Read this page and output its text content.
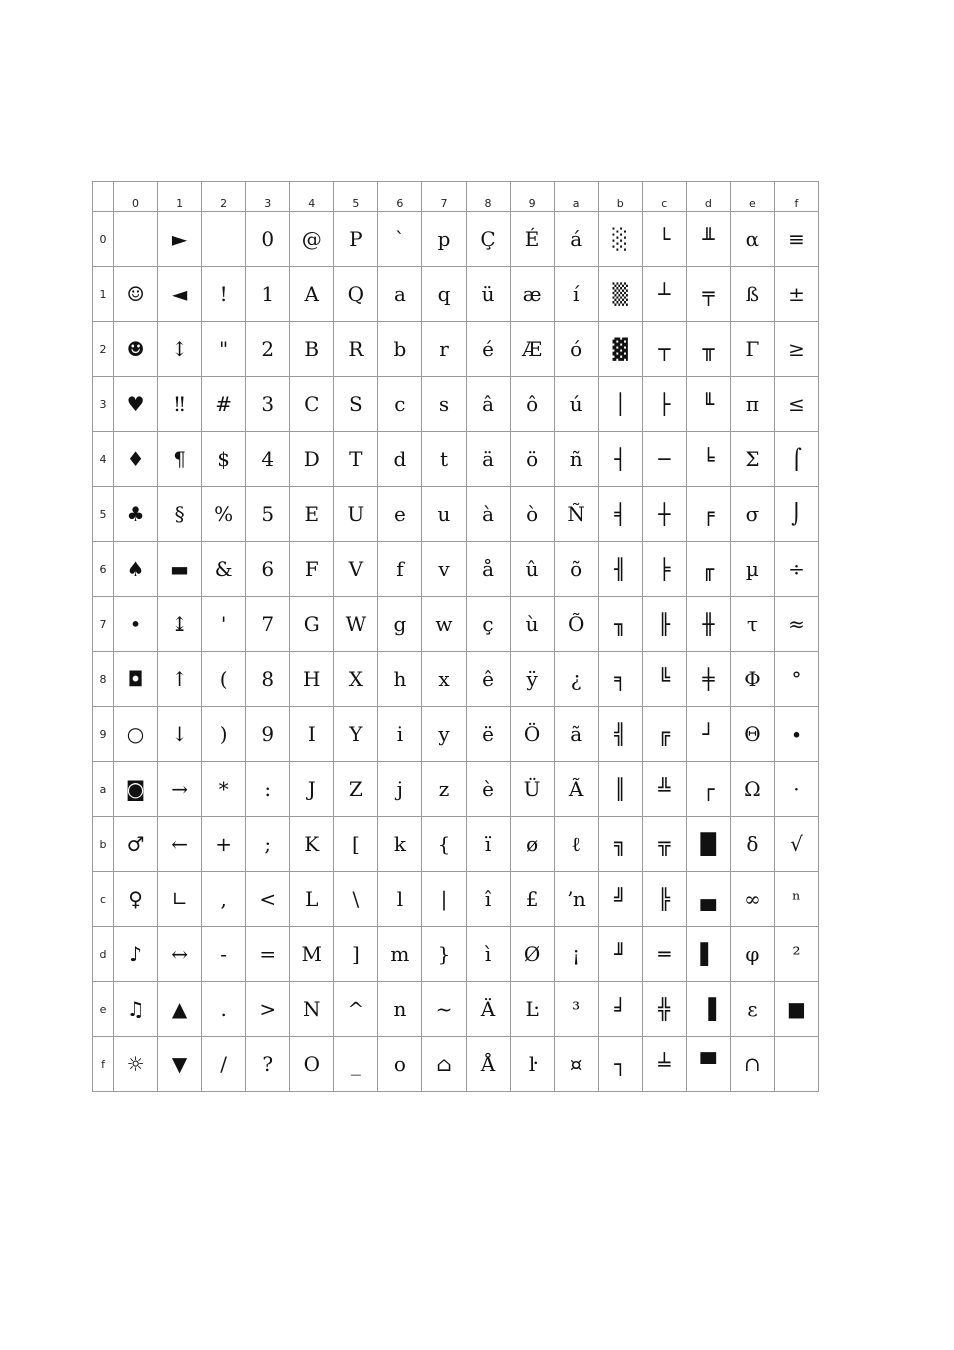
	0	1	2	3	4	5	6	7	8	9	a	b	c	d	e	f
0		►		0	@	P	`	p	Ç	É	á	░	└	╨	α	≡
1	☺	◄	!	1	A	Q	a	q	ü	æ	í	▒	┴	╤	ß	±
2	☻	↕	"	2	B	R	b	r	é	Æ	ó	▓	┬	╥	Γ	≥
3	♥	‼	#	3	C	S	c	s	â	ô	ú	│	├	╙	π	≤
4	♦	¶	$	4	D	T	d	t	ä	ö	ñ	┤	─	╘	Σ	⌠
5	♣	§	%	5	E	U	e	u	à	ò	Ñ	╡	┼	╒	σ	⌡
6	♠	▬	&	6	F	V	f	v	å	û	õ	╢	╞	╓	µ	÷
7	•	↨	'	7	G	W	g	w	ç	ù	Õ	╖	╟	╫	τ	≈
8	◘	↑	(	8	H	X	h	x	ê	ÿ	¿	╕	╚	╪	Φ	°
9	○	↓	)	9	I	Y	i	y	ë	Ö	ã	╣	╔	┘	Θ	∙
a	◙	→	*	:	J	Z	j	z	è	Ü	Ã	║	╩	┌	Ω	·
b	♂	←	+	;	K	[	k	{	ï	ø	ℓ	╗	╦	█	δ	√
c	♀	∟	,	<	L	\	l	|	î	£	ʼn	╝	╠	▄	∞	ⁿ
d	♪	↔	-	=	M	]	m	}	ì	Ø	¡	╜	═	▌	φ	²
e	♫	▲	.	>	N	^	n	~	Ä	Ŀ	³	╛	╬	▐	ε	■
f	☼	▼	/	?	O	_	o	⌂	Å	ŀ	¤	┐	╧	▀	∩	
